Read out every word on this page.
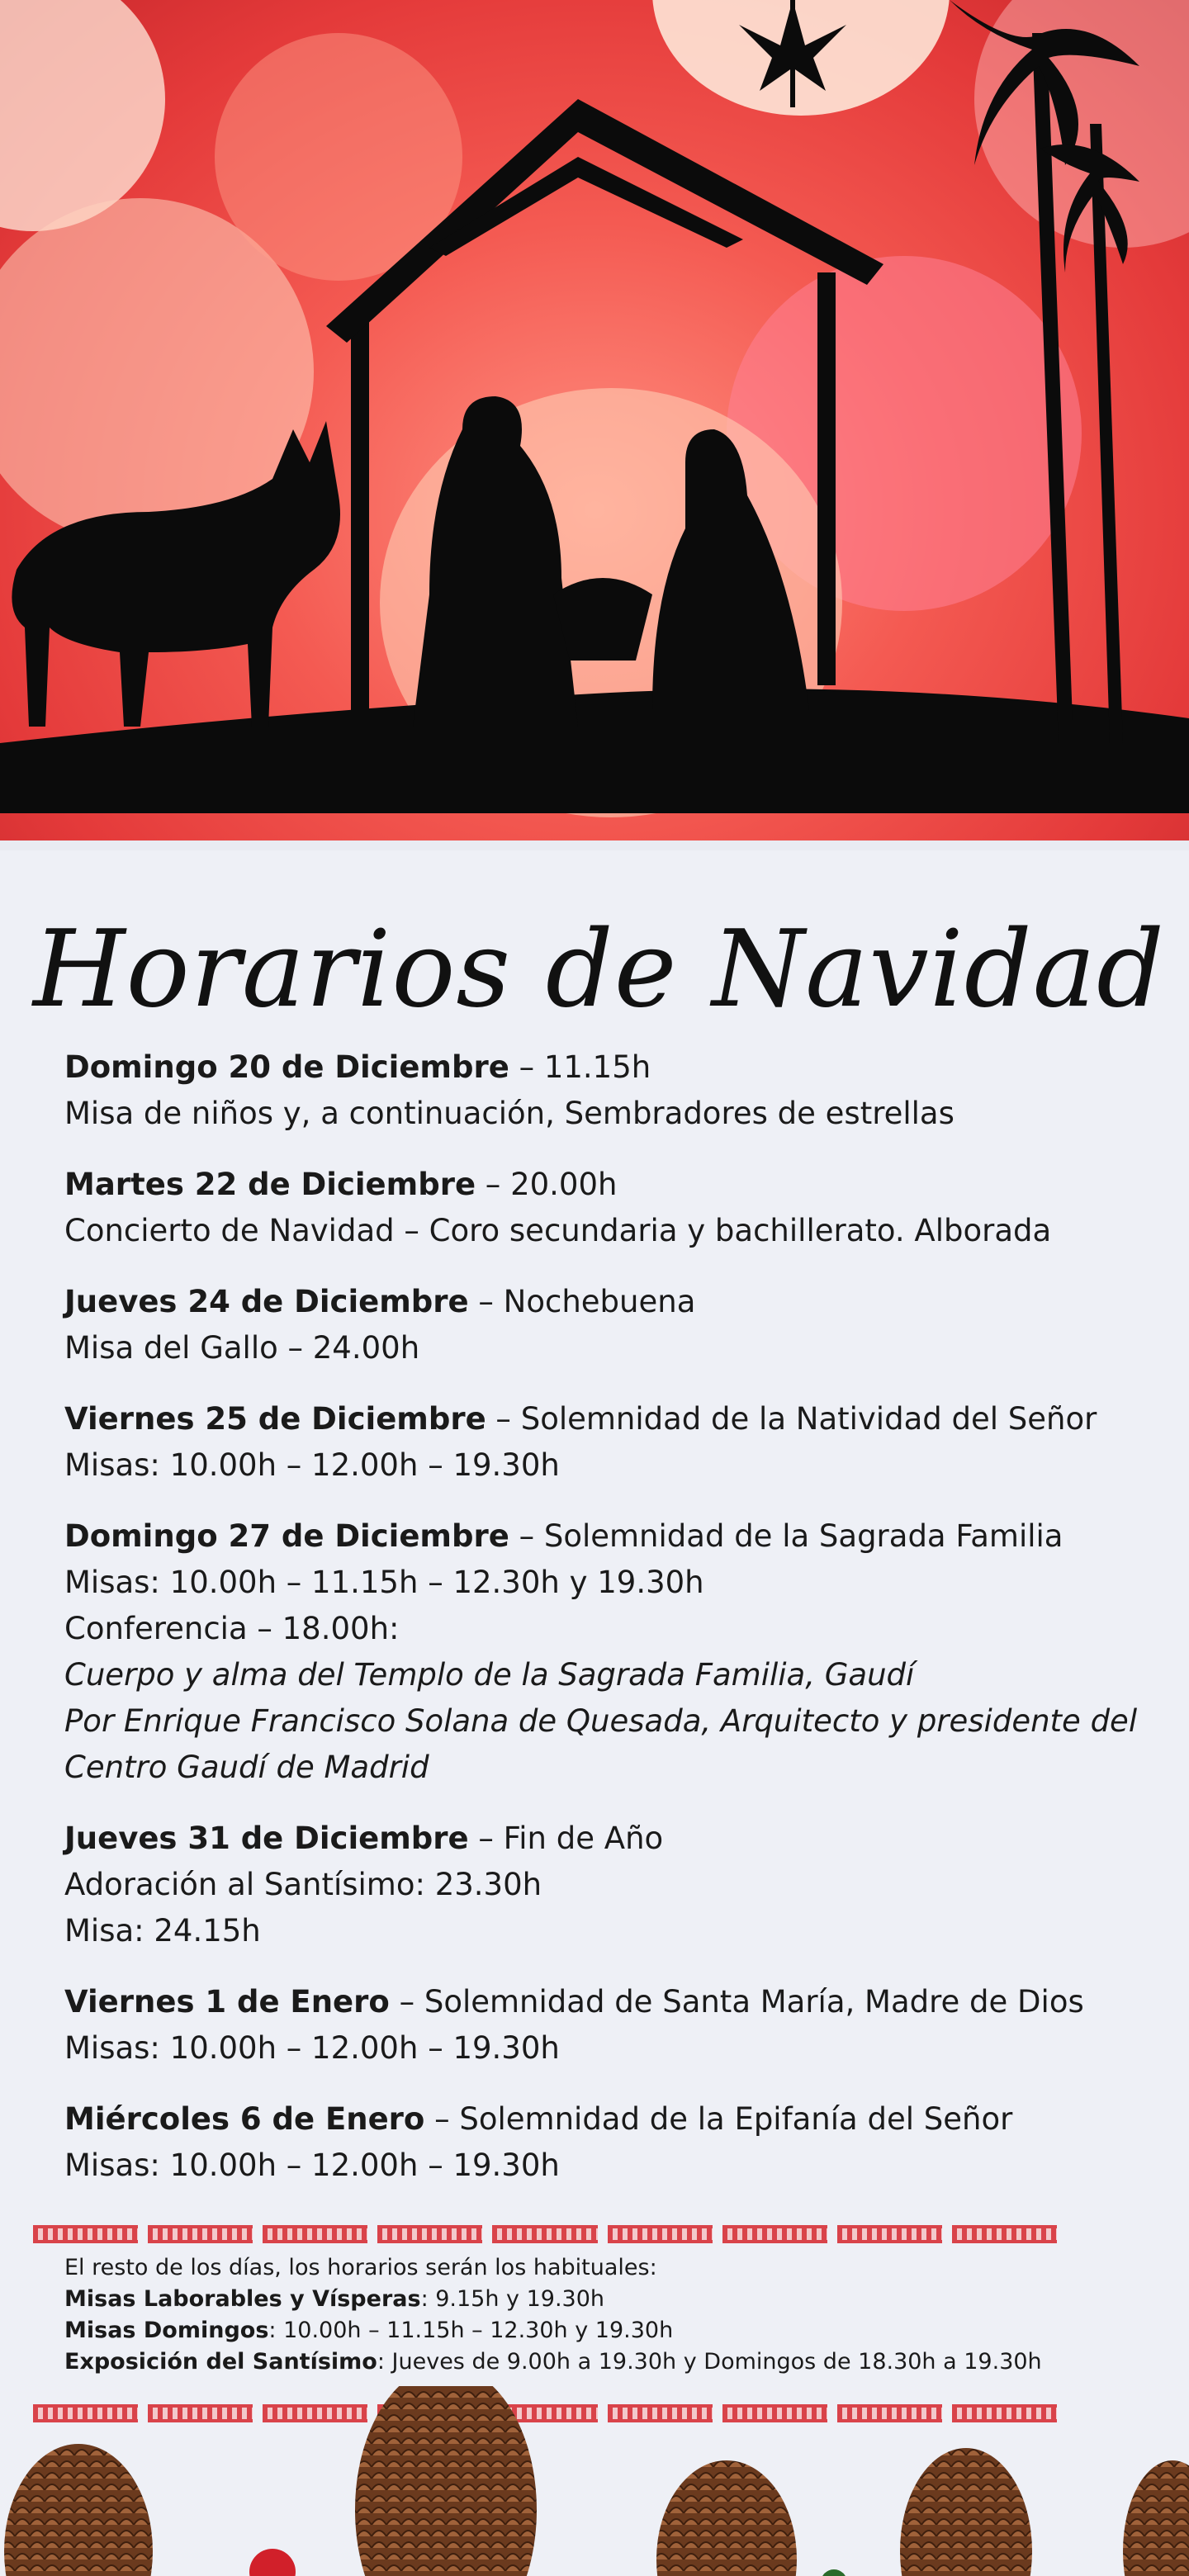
Horarios de Navidad
Domingo 20 de Diciembre – 11.15h
Misa de niños y, a continuación, Sembradores de estrellas
Martes 22 de Diciembre – 20.00h
Concierto de Navidad – Coro secundaria y bachillerato. Alborada
Jueves 24 de Diciembre – Nochebuena
Misa del Gallo – 24.00h
Viernes 25 de Diciembre – Solemnidad de la Natividad del Señor
Misas: 10.00h – 12.00h – 19.30h
Domingo 27 de Diciembre – Solemnidad de la Sagrada Familia
Misas: 10.00h – 11.15h – 12.30h y 19.30h
Conferencia – 18.00h:
Cuerpo y alma del Templo de la Sagrada Familia, Gaudí
Por Enrique Francisco Solana de Quesada, Arquitecto y presidente del
Centro Gaudí de Madrid
Jueves 31 de Diciembre – Fin de Año
Adoración al Santísimo: 23.30h
Misa: 24.15h
Viernes 1 de Enero – Solemnidad de Santa María, Madre de Dios
Misas: 10.00h – 12.00h – 19.30h
Miércoles 6 de Enero – Solemnidad de la Epifanía del Señor
Misas: 10.00h – 12.00h – 19.30h
El resto de los días, los horarios serán los habituales:
Misas Laborables y Vísperas: 9.15h y 19.30h
Misas Domingos: 10.00h – 11.15h – 12.30h y 19.30h
Exposición del Santísimo: Jueves de 9.00h a 19.30h y Domingos de 18.30h a 19.30h
